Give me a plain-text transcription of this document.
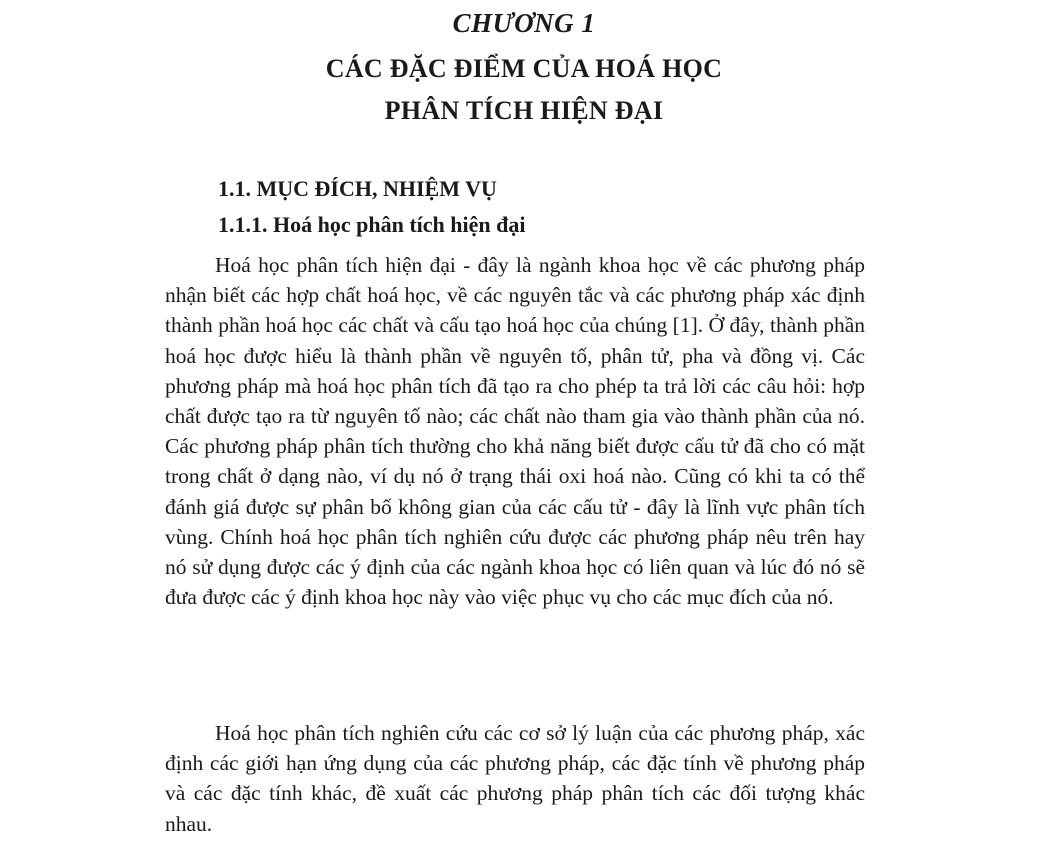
CHƯƠNG 1
CÁC ĐẶC ĐIỂM CỦA HOÁ HỌC
PHÂN TÍCH HIỆN ĐẠI
1.1. MỤC ĐÍCH, NHIỆM VỤ
1.1.1. Hoá học phân tích hiện đại

Hoá học phân tích hiện đại - đây là ngành khoa học về các phương pháp nhận biết các hợp chất hoá học, về các nguyên tắc và các phương pháp xác định thành phần hoá học các chất và cấu tạo hoá học của chúng [1]. Ở đây, thành phần hoá học được hiểu là thành phần về nguyên tố, phân tử, pha và đồng vị. Các phương pháp mà hoá học phân tích đã tạo ra cho phép ta trả lời các câu hỏi: hợp chất được tạo ra từ nguyên tố nào; các chất nào tham gia vào thành phần của nó. Các phương pháp phân tích thường cho khả năng biết được cấu tử đã cho có mặt trong chất ở dạng nào, ví dụ nó ở trạng thái oxi hoá nào. Cũng có khi ta có thể đánh giá được sự phân bố không gian của các cấu tử - đây là lĩnh vực phân tích vùng. Chính hoá học phân tích nghiên cứu được các phương pháp nêu trên hay nó sử dụng được các ý định của các ngành khoa học có liên quan và lúc đó nó sẽ đưa được các ý định khoa học này vào việc phục vụ cho các mục đích của nó.

Hoá học phân tích nghiên cứu các cơ sở lý luận của các phương pháp, xác định các giới hạn ứng dụng của các phương pháp, các đặc tính về phương pháp và các đặc tính khác, đề xuất các phương pháp phân tích các đối tượng khác nhau.
